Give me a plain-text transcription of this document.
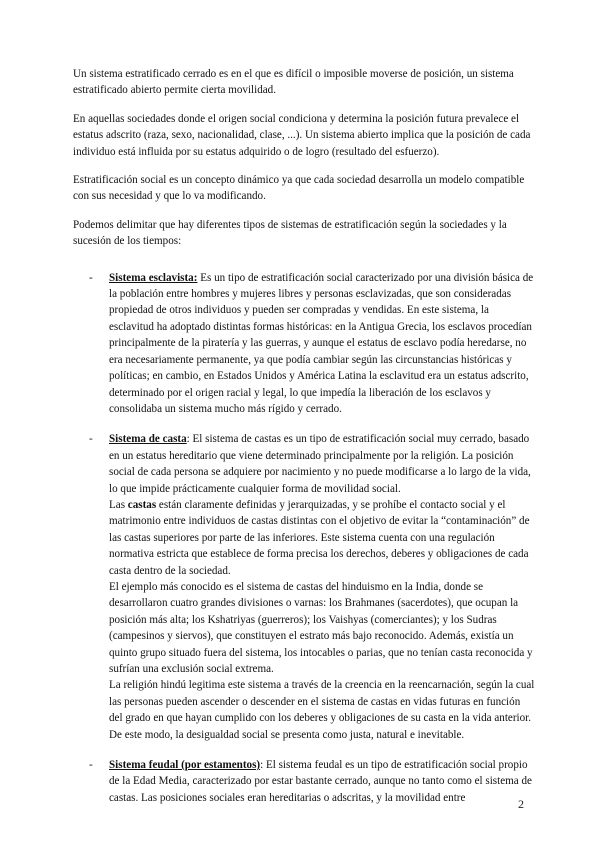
Un sistema estratificado cerrado es en el que es difícil o imposible moverse de posición, un sistema estratificado abierto permite cierta movilidad.

En aquellas sociedades donde el origen social condiciona y determina la posición futura prevalece el estatus adscrito (raza, sexo, nacionalidad, clase, ...). Un sistema abierto implica que la posición de cada individuo está influida por su estatus adquirido o de logro (resultado del esfuerzo).

Estratificación social es un concepto dinámico ya que cada sociedad desarrolla un modelo compatible con sus necesidad y que lo va modificando.

Podemos delimitar que hay diferentes tipos de sistemas de estratificación según la sociedades y la sucesión de los tiempos:

- Sistema esclavista: Es un tipo de estratificación social caracterizado por una división básica de la población entre hombres y mujeres libres y personas esclavizadas, que son consideradas propiedad de otros individuos y pueden ser compradas y vendidas. En este sistema, la esclavitud ha adoptado distintas formas históricas: en la Antigua Grecia, los esclavos procedían principalmente de la piratería y las guerras, y aunque el estatus de esclavo podía heredarse, no era necesariamente permanente, ya que podía cambiar según las circunstancias históricas y políticas; en cambio, en Estados Unidos y América Latina la esclavitud era un estatus adscrito, determinado por el origen racial y legal, lo que impedía la liberación de los esclavos y consolidaba un sistema mucho más rígido y cerrado.

- Sistema de casta: El sistema de castas es un tipo de estratificación social muy cerrado, basado en un estatus hereditario que viene determinado principalmente por la religión. La posición social de cada persona se adquiere por nacimiento y no puede modificarse a lo largo de la vida, lo que impide prácticamente cualquier forma de movilidad social.

Las castas están claramente definidas y jerarquizadas, y se prohíbe el contacto social y el matrimonio entre individuos de castas distintas con el objetivo de evitar la “contaminación” de las castas superiores por parte de las inferiores. Este sistema cuenta con una regulación normativa estricta que establece de forma precisa los derechos, deberes y obligaciones de cada casta dentro de la sociedad.

El ejemplo más conocido es el sistema de castas del hinduismo en la India, donde se desarrollaron cuatro grandes divisiones o varnas: los Brahmanes (sacerdotes), que ocupan la posición más alta; los Kshatriyas (guerreros); los Vaishyas (comerciantes); y los Sudras (campesinos y siervos), que constituyen el estrato más bajo reconocido. Además, existía un quinto grupo situado fuera del sistema, los intocables o parias, que no tenían casta reconocida y sufrían una exclusión social extrema.

La religión hindú legitima este sistema a través de la creencia en la reencarnación, según la cual las personas pueden ascender o descender en el sistema de castas en vidas futuras en función del grado en que hayan cumplido con los deberes y obligaciones de su casta en la vida anterior. De este modo, la desigualdad social se presenta como justa, natural e inevitable.

- Sistema feudal (por estamentos): El sistema feudal es un tipo de estratificación social propio de la Edad Media, caracterizado por estar bastante cerrado, aunque no tanto como el sistema de castas. Las posiciones sociales eran hereditarias o adscritas, y la movilidad entre	2
